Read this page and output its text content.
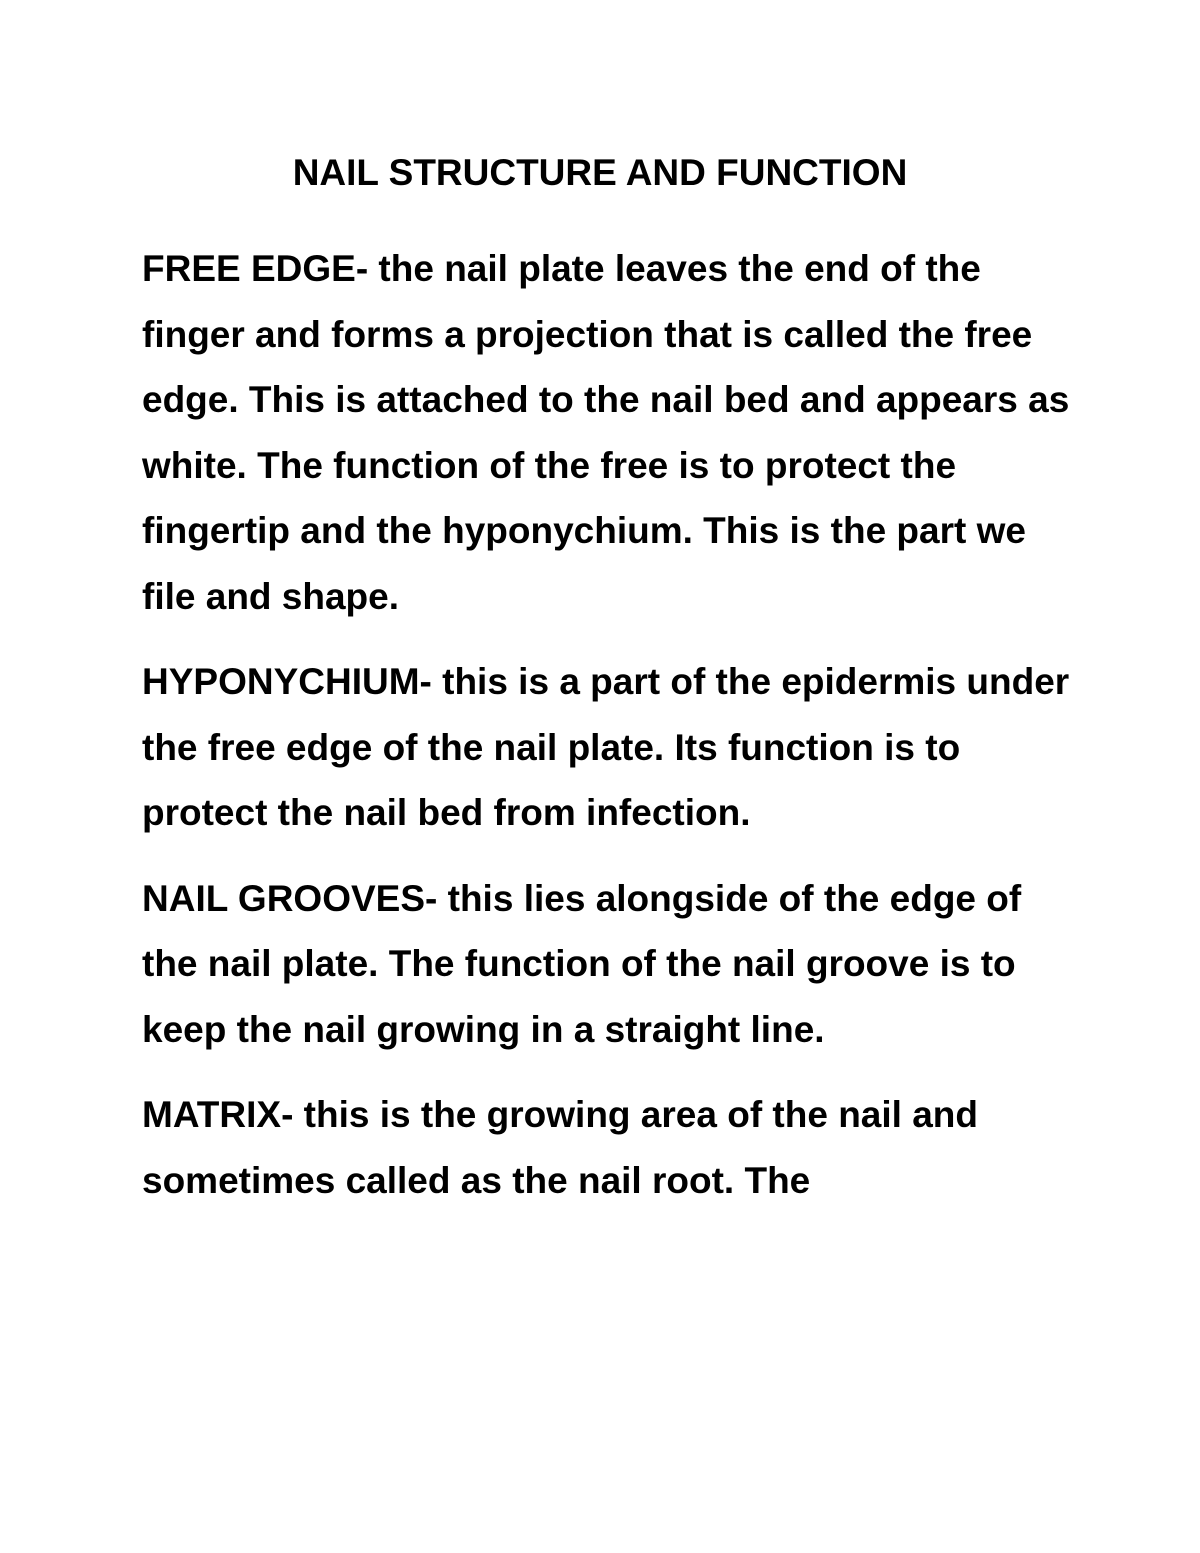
NAIL STRUCTURE AND FUNCTION

FREE EDGE- the nail plate leaves the end of the finger and forms a projection that is called the free edge. This is attached to the nail bed and appears as white. The function of the free is to protect the fingertip and the hyponychium. This is the part we file and shape.

HYPONYCHIUM- this is a part of the epidermis under the free edge of the nail plate. Its function is to protect the nail bed from infection.

NAIL GROOVES- this lies alongside of the edge of the nail plate. The function of the nail groove is to keep the nail growing in a straight line.

MATRIX- this is the growing area of the nail and sometimes called as the nail root. The
